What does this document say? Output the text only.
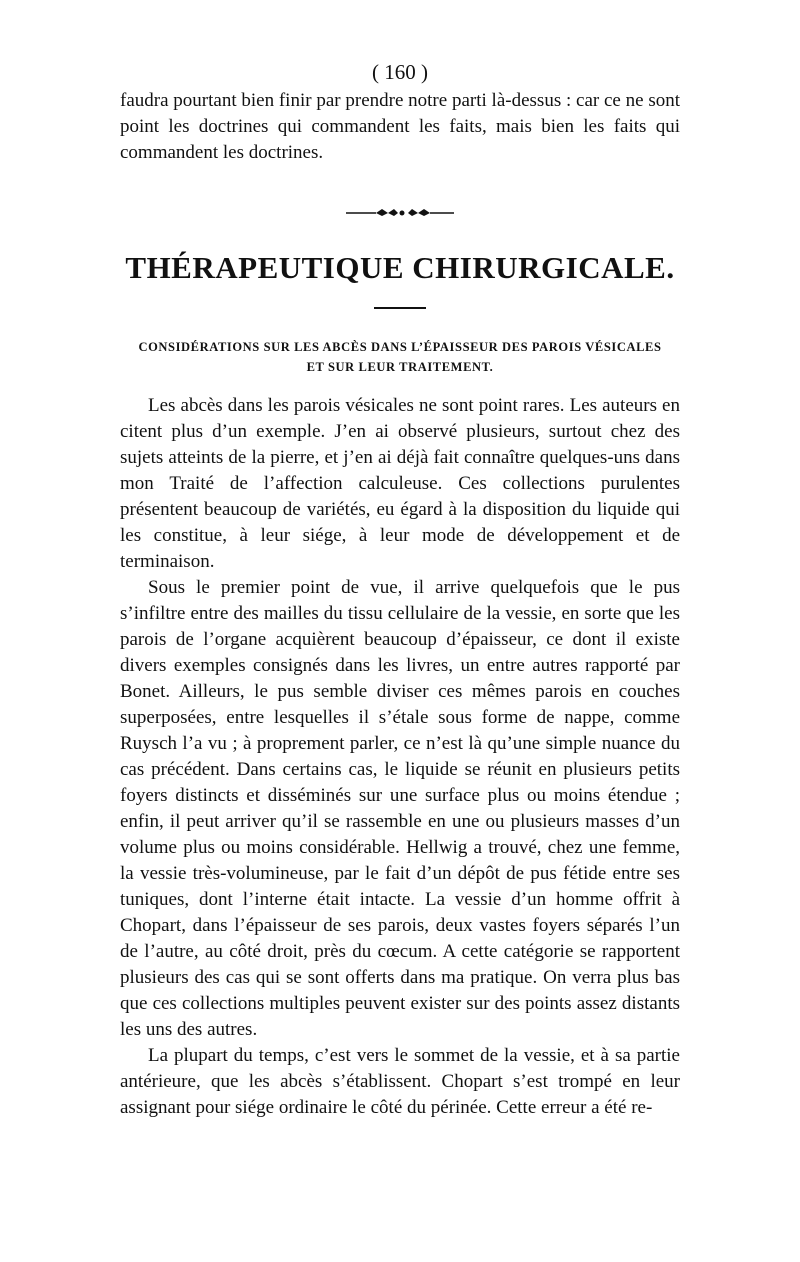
( 160 )

faudra pourtant bien finir par prendre notre parti là-dessus : car ce ne sont point les doctrines qui commandent les faits, mais bien les faits qui commandent les doctrines.

THÉRAPEUTIQUE CHIRURGICALE.
CONSIDÉRATIONS SUR LES ABCÈS DANS L’ÉPAISSEUR DES PAROIS VÉSICALES
ET SUR LEUR TRAITEMENT.

Les abcès dans les parois vésicales ne sont point rares. Les auteurs en citent plus d’un exemple. J’en ai observé plusieurs, surtout chez des sujets atteints de la pierre, et j’en ai déjà fait connaître quelques-uns dans mon Traité de l’affection calculeuse. Ces collections purulentes présentent beaucoup de variétés, eu égard à la disposition du liquide qui les constitue, à leur siége, à leur mode de développement et de terminaison.

Sous le premier point de vue, il arrive quelquefois que le pus s’infiltre entre des mailles du tissu cellulaire de la vessie, en sorte que les parois de l’organe acquièrent beaucoup d’épaisseur, ce dont il existe divers exemples consignés dans les livres, un entre autres rapporté par Bonet. Ailleurs, le pus semble diviser ces mêmes parois en couches superposées, entre lesquelles il s’étale sous forme de nappe, comme Ruysch l’a vu ; à proprement parler, ce n’est là qu’une simple nuance du cas précédent. Dans certains cas, le liquide se réunit en plusieurs petits foyers distincts et disséminés sur une surface plus ou moins étendue ; enfin, il peut arriver qu’il se rassemble en une ou plusieurs masses d’un volume plus ou moins considérable. Hellwig a trouvé, chez une femme, la vessie très-volumineuse, par le fait d’un dépôt de pus fétide entre ses tuniques, dont l’interne était intacte. La vessie d’un homme offrit à Chopart, dans l’épaisseur de ses parois, deux vastes foyers séparés l’un de l’autre, au côté droit, près du cœcum. A cette catégorie se rapportent plusieurs des cas qui se sont offerts dans ma pratique. On verra plus bas que ces collections multiples peuvent exister sur des points assez distants les uns des autres.

La plupart du temps, c’est vers le sommet de la vessie, et à sa partie antérieure, que les abcès s’établissent. Chopart s’est trompé en leur assignant pour siége ordinaire le côté du périnée. Cette erreur a été re-
